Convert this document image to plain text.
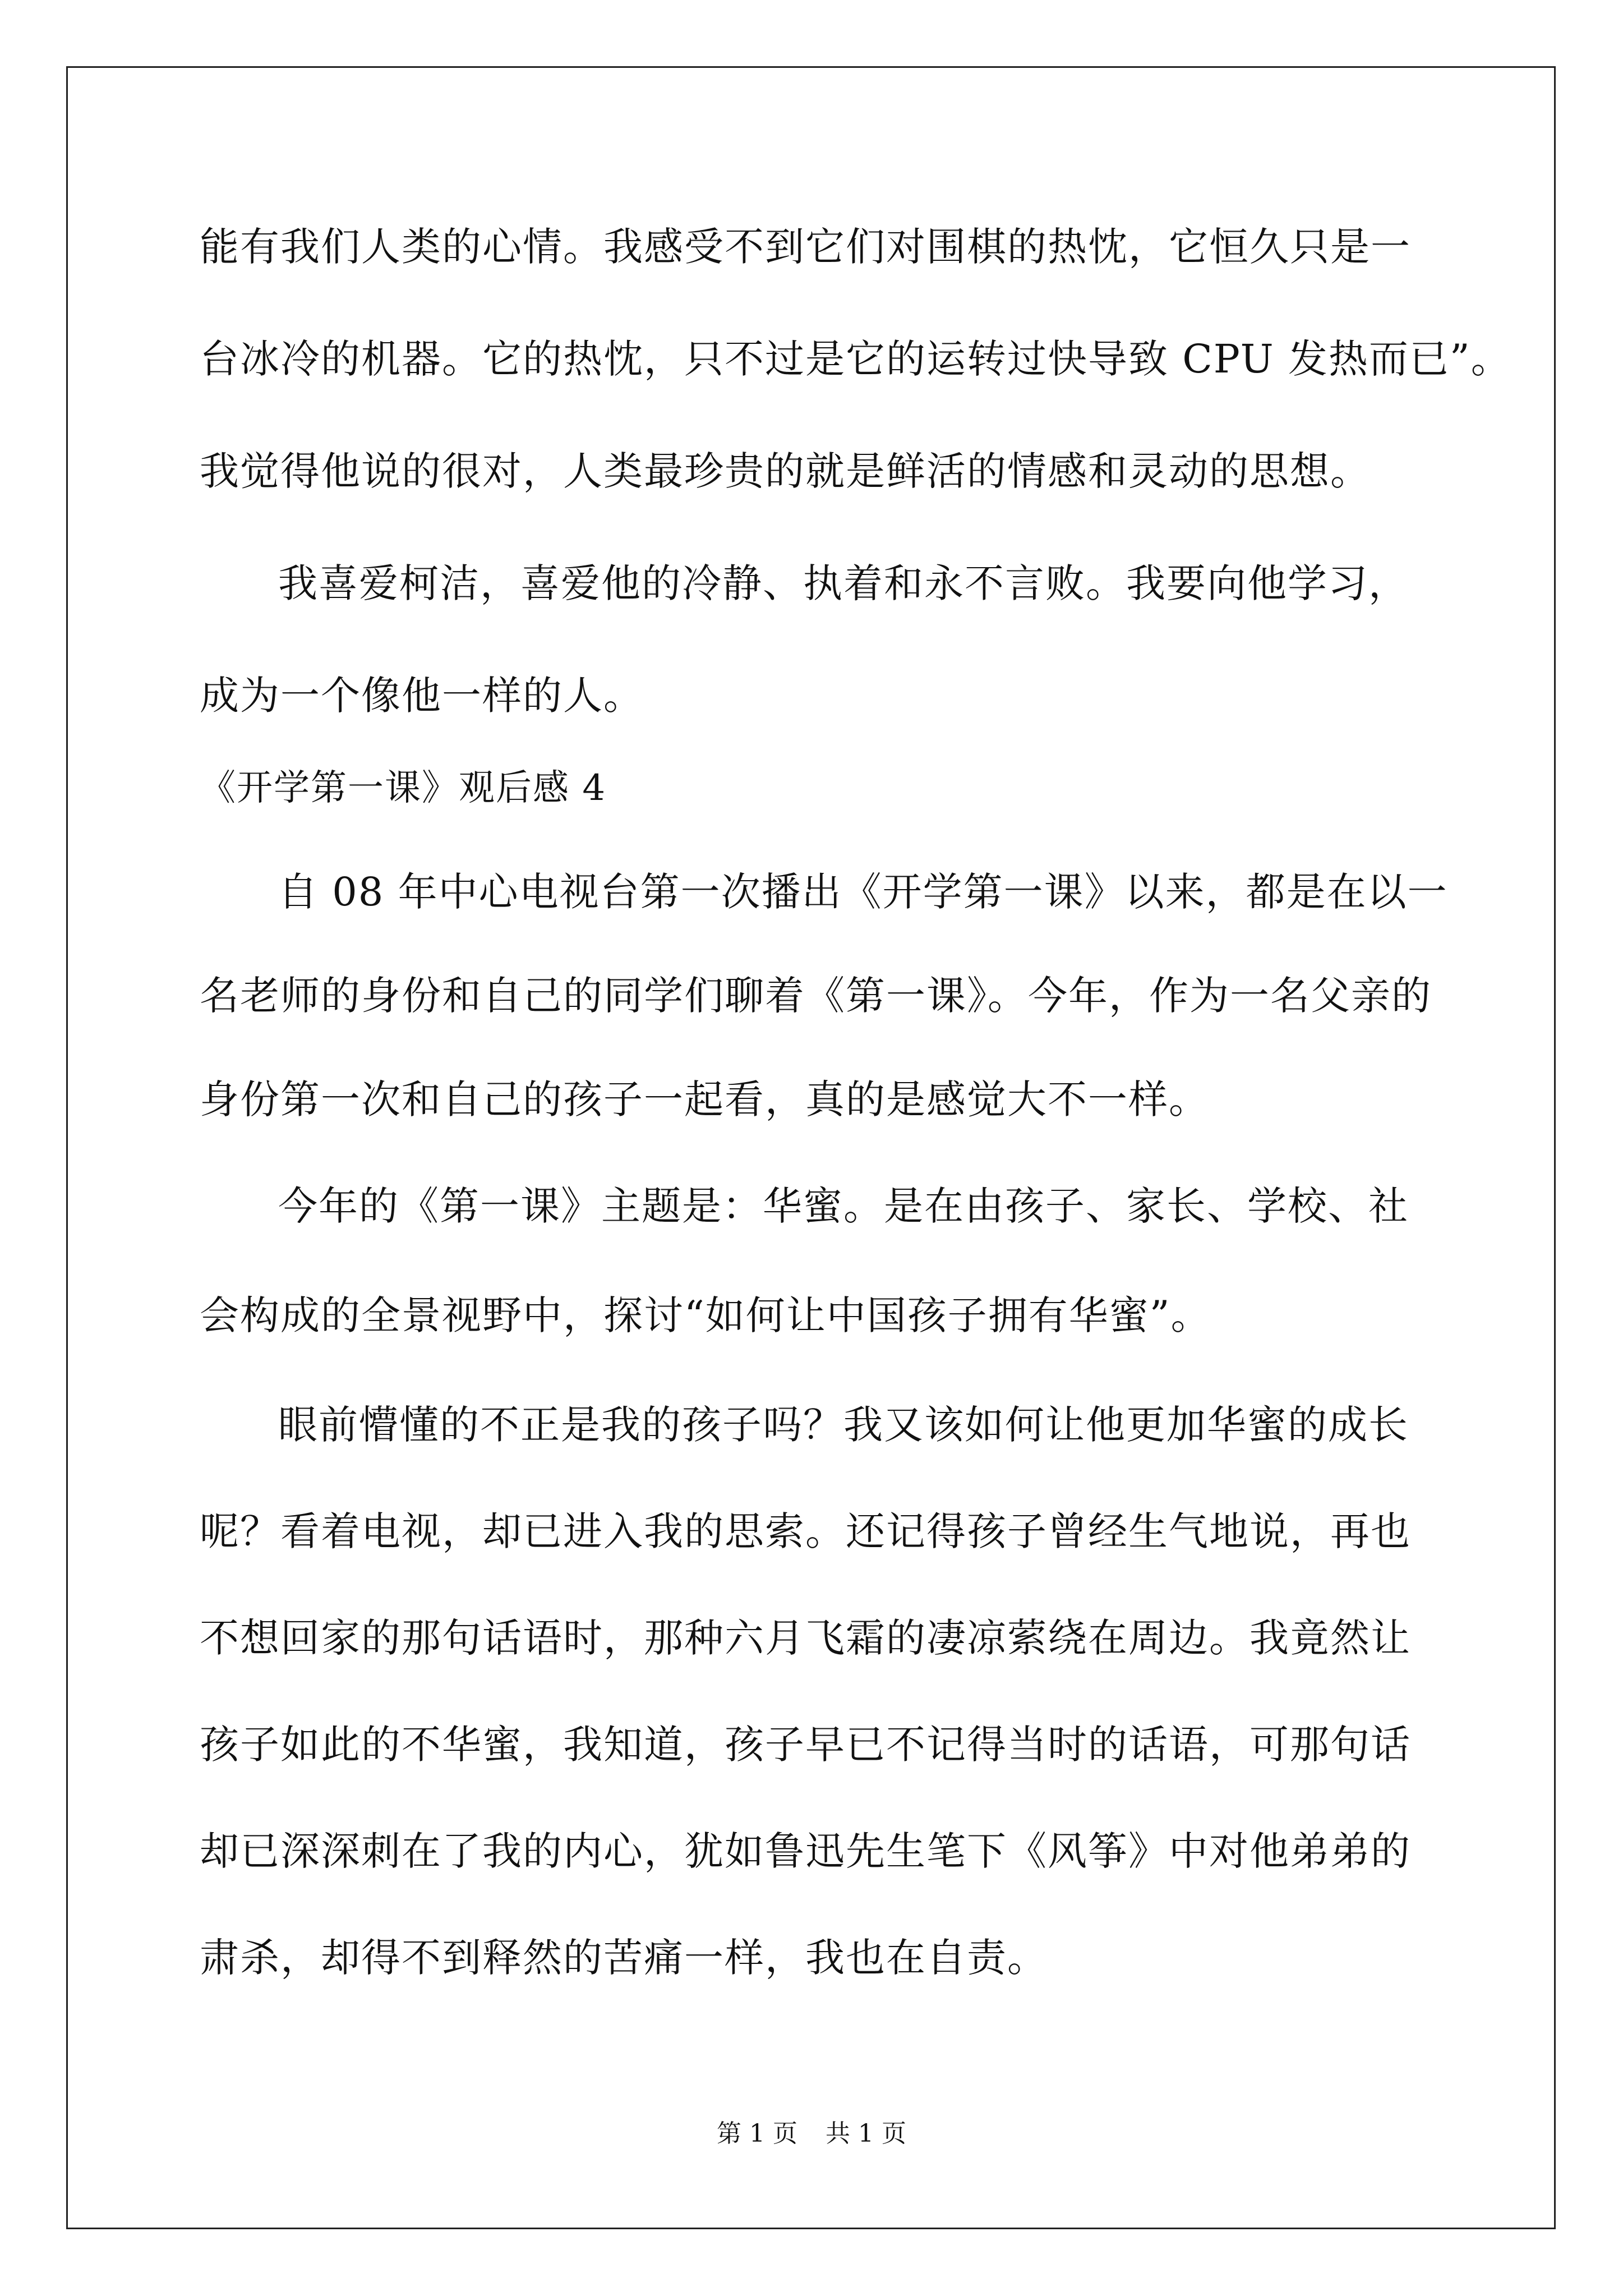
能有我们人类的心情。我感受不到它们对围棋的热忱，它恒久只是一
台冰冷的机器。它的热忱，只不过是它的运转过快导致 CPU 发热而已”。
我觉得他说的很对，人类最珍贵的就是鲜活的情感和灵动的思想。
我喜爱柯洁，喜爱他的冷静、执着和永不言败。我要向他学习，
成为一个像他一样的人。
《开学第一课》观后感 4
自 08 年中心电视台第一次播出《开学第一课》以来，都是在以一
名老师的身份和自己的同学们聊着《第一课》。今年，作为一名父亲的
身份第一次和自己的孩子一起看，真的是感觉大不一样。
今年的《第一课》主题是：华蜜。是在由孩子、家长、学校、社
会构成的全景视野中，探讨“如何让中国孩子拥有华蜜”。
眼前懵懂的不正是我的孩子吗？我又该如何让他更加华蜜的成长
呢？看着电视，却已进入我的思索。还记得孩子曾经生气地说，再也
不想回家的那句话语时，那种六月飞霜的凄凉萦绕在周边。我竟然让
孩子如此的不华蜜，我知道，孩子早已不记得当时的话语，可那句话
却已深深刺在了我的内心，犹如鲁迅先生笔下《风筝》中对他弟弟的
肃杀，却得不到释然的苦痛一样，我也在自责。
第 1 页 共 1 页
